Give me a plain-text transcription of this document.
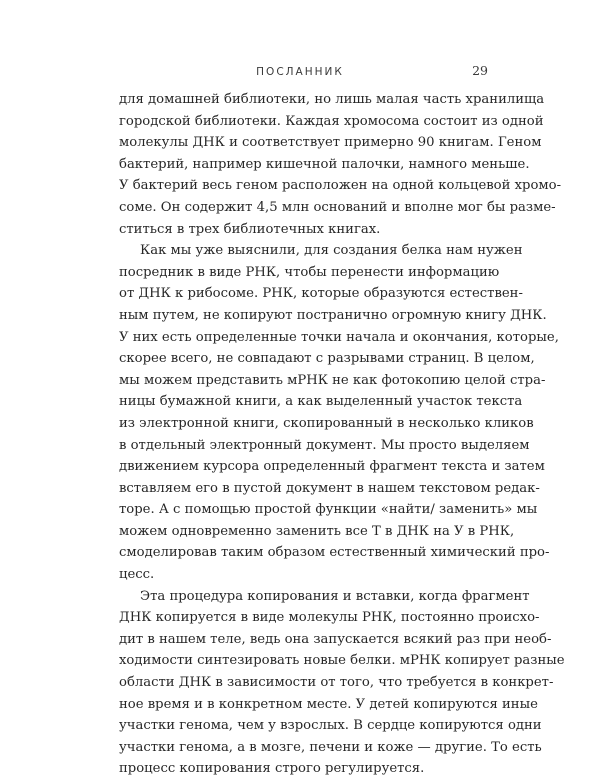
ПОСЛАННИК	29

для домашней библиотеки, но лишь малая часть хранилища
городской библиотеки. Каждая хромосома состоит из одной
молекулы ДНК и соответствует примерно 90 книгам. Геном
бактерий, например кишечной палочки, намного меньше.
У бактерий весь геном расположен на одной кольцевой хромо-
соме. Он содержит 4,5 млн оснований и вполне мог бы разме-
ститься в трех библиотечных книгах.

Как мы уже выяснили, для создания белка нам нужен
посредник в виде РНК, чтобы перенести информацию
от ДНК к рибосоме. РНК, которые образуются естествен-
ным путем, не копируют постранично огромную книгу ДНК.
У них есть определенные точки начала и окончания, которые,
скорее всего, не совпадают с разрывами страниц. В целом,
мы можем представить мРНК не как фотокопию целой стра-
ницы бумажной книги, а как выделенный участок текста
из электронной книги, скопированный в несколько кликов
в отдельный электронный документ. Мы просто выделяем
движением курсора определенный фрагмент текста и затем
вставляем его в пустой документ в нашем текстовом редак-
торе. А с помощью простой функции «найти/ заменить» мы
можем одновременно заменить все Т в ДНК на У в РНК,
смоделировав таким образом естественный химический про-
цесс.

Эта процедура копирования и вставки, когда фрагмент
ДНК копируется в виде молекулы РНК, постоянно происхо-
дит в нашем теле, ведь она запускается всякий раз при необ-
ходимости синтезировать новые белки. мРНК копирует разные
области ДНК в зависимости от того, что требуется в конкрет-
ное время и в конкретном месте. У детей копируются иные
участки генома, чем у взрослых. В сердце копируются одни
участки генома, а в мозге, печени и коже — другие. То есть
процесс копирования строго регулируется.
